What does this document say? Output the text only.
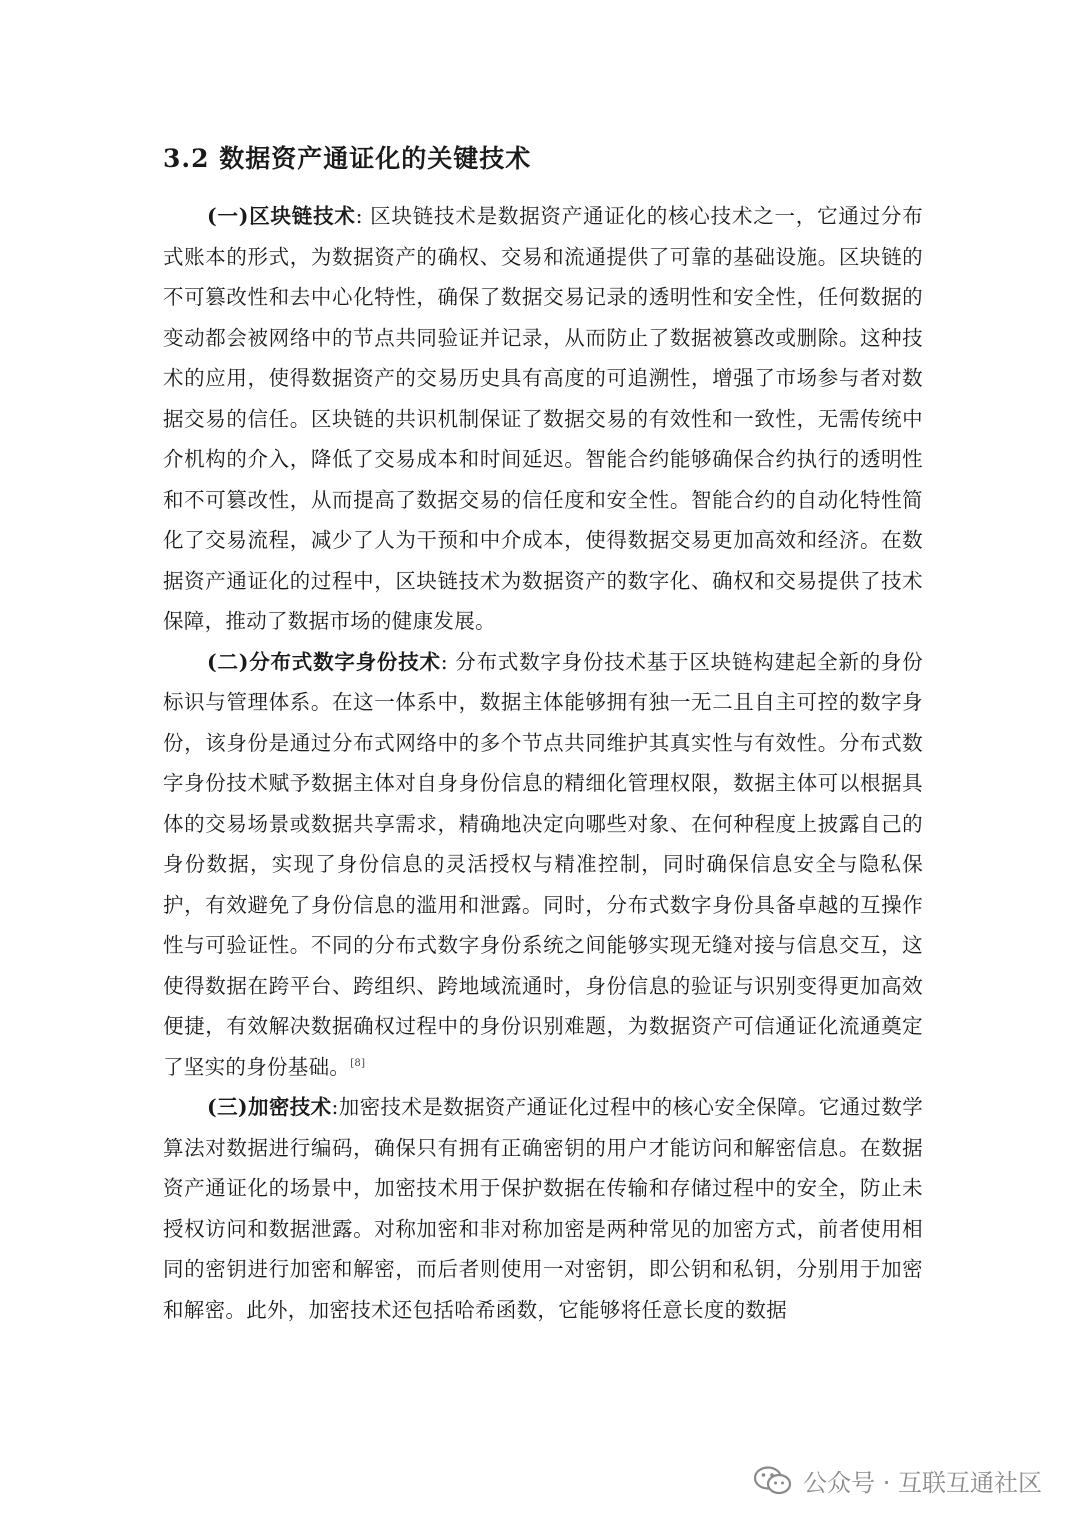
3.2 数据资产通证化的关键技术

(一)区块链技术: 区块链技术是数据资产通证化的核心技术之一，它通过分布式账本的形式，为数据资产的确权、交易和流通提供了可靠的基础设施。区块链的不可篡改性和去中心化特性，确保了数据交易记录的透明性和安全性，任何数据的变动都会被网络中的节点共同验证并记录，从而防止了数据被篡改或删除。这种技术的应用，使得数据资产的交易历史具有高度的可追溯性，增强了市场参与者对数据交易的信任。区块链的共识机制保证了数据交易的有效性和一致性，无需传统中介机构的介入，降低了交易成本和时间延迟。智能合约能够确保合约执行的透明性和不可篡改性，从而提高了数据交易的信任度和安全性。智能合约的自动化特性简化了交易流程，减少了人为干预和中介成本，使得数据交易更加高效和经济。在数据资产通证化的过程中，区块链技术为数据资产的数字化、确权和交易提供了技术保障，推动了数据市场的健康发展。

(二)分布式数字身份技术: 分布式数字身份技术基于区块链构建起全新的身份标识与管理体系。在这一体系中，数据主体能够拥有独一无二且自主可控的数字身份，该身份是通过分布式网络中的多个节点共同维护其真实性与有效性。分布式数字身份技术赋予数据主体对自身身份信息的精细化管理权限，数据主体可以根据具体的交易场景或数据共享需求，精确地决定向哪些对象、在何种程度上披露自己的身份数据，实现了身份信息的灵活授权与精准控制，同时确保信息安全与隐私保护，有效避免了身份信息的滥用和泄露。同时，分布式数字身份具备卓越的互操作性与可验证性。不同的分布式数字身份系统之间能够实现无缝对接与信息交互，这使得数据在跨平台、跨组织、跨地域流通时，身份信息的验证与识别变得更加高效便捷，有效解决数据确权过程中的身份识别难题，为数据资产可信通证化流通奠定了坚实的身份基础。[8]

(三)加密技术:加密技术是数据资产通证化过程中的核心安全保障。它通过数学算法对数据进行编码，确保只有拥有正确密钥的用户才能访问和解密信息。在数据资产通证化的场景中，加密技术用于保护数据在传输和存储过程中的安全，防止未授权访问和数据泄露。对称加密和非对称加密是两种常见的加密方式，前者使用相同的密钥进行加密和解密，而后者则使用一对密钥，即公钥和私钥，分别用于加密和解密。此外，加密技术还包括哈希函数，它能够将任意长度的数据

公众号 · 互联互通社区
